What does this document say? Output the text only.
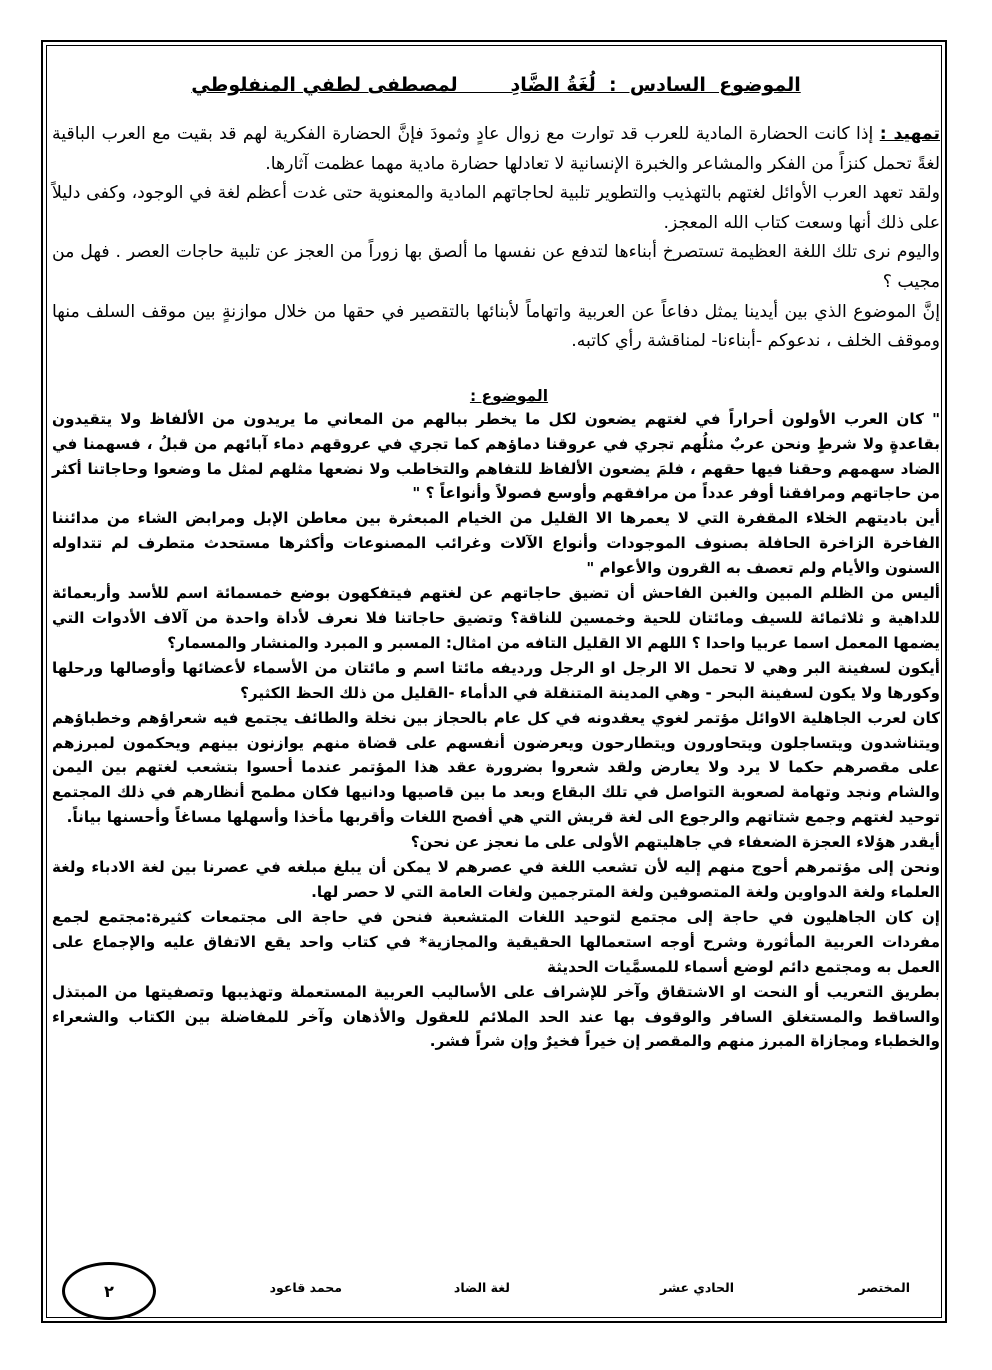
الموضوع  السادس  :  لُغَةُ الضَّادِ        لمصطفى لطفي المنفلوطي

تمهيد : إذا كانت الحضارة المادية للعرب قد توارت مع زوال عادٍ وثمودَ فإنَّ الحضارة الفكرية لهم قد بقيت مع العرب الباقية لغةً تحمل كنزاً من الفكر والمشاعر والخبرة الإنسانية لا تعادلها حضارة مادية مهما عظمت آثارها.

ولقد تعهد العرب الأوائل لغتهم بالتهذيب والتطوير تلبية لحاجاتهم المادية والمعنوية حتى غدت أعظم لغة في الوجود، وكفى دليلاً على ذلك أنها وسعت كتاب الله المعجز.

واليوم نرى تلك اللغة العظيمة تستصرخ أبناءها لتدفع عن نفسها ما ألصق بها زوراً من العجز عن تلبية حاجات العصر . فهل من مجيب ؟

إنَّ الموضوع الذي بين أيدينا يمثل دفاعاً عن العربية واتهاماً لأبنائها بالتقصير في حقها من خلال موازنةٍ بين موقف السلف منها وموقف الخلف ، ندعوكم -أبناءنا- لمناقشة رأي كاتبه.

الموضوع :

" كان العرب الأولون أحراراً في لغتهم يضعون لكل ما يخطر ببالهم من المعاني ما يريدون من الألفاظ ولا يتقيدون بقاعدةٍ ولا شرطٍ ونحن عربٌ مثلُهم تجري في عروقنا دماؤهم كما تجري في عروقهم دماء آبائهم من قبلُ ، فسهمنا في الضاد سهمهم وحقنا فيها حقهم ، فلمَ يضعون الألفاظ للتفاهم والتخاطب ولا نضعها مثلهم لمثل ما وضعوا وحاجاتنا أكثر من حاجاتهم ومرافقنا أوفر عدداً من مرافقهم وأوسع فصولاً وأنواعاً ؟ "

أين باديتهم الخلاء المقفرة التي لا يعمرها الا القليل من الخيام المبعثرة بين معاطن الإبل ومرابض الشاء من مدائننا الفاخرة الزاخرة الحافلة بصنوف الموجودات وأنواع الآلات وغرائب المصنوعات وأكثرها مستحدث متطرف لم تتداوله السنون والأيام ولم تعصف به القرون والأعوام "

أليس من الظلم المبين والغبن الفاحش أن تضيق حاجاتهم عن لغتهم فيتفكهون بوضع خمسمائة اسم للأسد وأربعمائة للداهية و ثلاثمائة للسيف ومائتان للحية وخمسين للناقة؟ وتضيق حاجاتنا فلا نعرف لأداة واحدة من آلاف الأدوات التي يضمها المعمل اسما عربيا واحدا ؟ اللهم الا القليل التافه من امثال: المسبر و المبرد والمنشار والمسمار؟

أيكون لسفينة البر وهي لا تحمل الا الرجل او الرجل ورديفه مائتا اسم و مائتان من الأسماء لأعضائها وأوصالها ورحلها وكورها ولا يكون لسفينة البحر - وهي المدينة المتنقلة في الدأماء -القليل من ذلك الحظ الكثير؟

كان لعرب الجاهلية الاوائل مؤتمر لغوي يعقدونه في كل عام بالحجاز بين نخلة والطائف يجتمع فيه شعراؤهم وخطباؤهم ويتناشدون ويتساجلون ويتحاورون ويتطارحون ويعرضون أنفسهم على قضاة منهم يوازنون بينهم ويحكمون لمبرزهم على مقصرهم حكما لا يرد ولا يعارض ولقد شعروا بضرورة عقد هذا المؤتمر عندما أحسوا بتشعب لغتهم بين اليمن والشام ونجد وتهامة لصعوبة التواصل في تلك البقاع وبعد ما بين قاصيها ودانيها فكان مطمح أنظارهم في ذلك المجتمع توحيد لغتهم وجمع شتاتهم والرجوع الى لغة قريش التي هي أفصح اللغات وأقربها مأخذا وأسهلها مساغاً وأحسنها بياناً.

أيقدر هؤلاء العجزة الضعفاء في جاهليتهم الأولى على ما نعجز عن نحن؟

ونحن إلى مؤتمرهم أحوج منهم إليه لأن تشعب اللغة في عصرهم لا يمكن أن يبلغ مبلغه في عصرنا بين لغة الادباء ولغة العلماء ولغة الدواوين ولغة المتصوفين ولغة المترجمين ولغات العامة التي لا حصر لها.

إن كان الجاهليون في حاجة إلى مجتمع لتوحيد اللغات المتشعبة فنحن في حاجة الى مجتمعات كثيرة:مجتمع لجمع مفردات العربية المأثورة وشرح أوجه استعمالها الحقيقية والمجازية* في كتاب واحد يقع الاتفاق عليه والإجماع على العمل به ومجتمع دائم لوضع أسماء للمسمَّيات الحديثة

بطريق التعريب أو النحت او الاشتقاق وآخر للإشراف على الأساليب العربية المستعملة وتهذيبها وتصفيتها من المبتذل والساقط والمستغلق السافر والوقوف بها عند الحد الملائم للعقول والأذهان وآخر للمفاضلة بين الكتاب والشعراء والخطباء ومجازاة المبرز منهم والمقصر إن خيراً فخيرٌ وإن شراً فشر.

المختصر
الحادي عشر
لغة الضاد
محمد قاعود
٢
